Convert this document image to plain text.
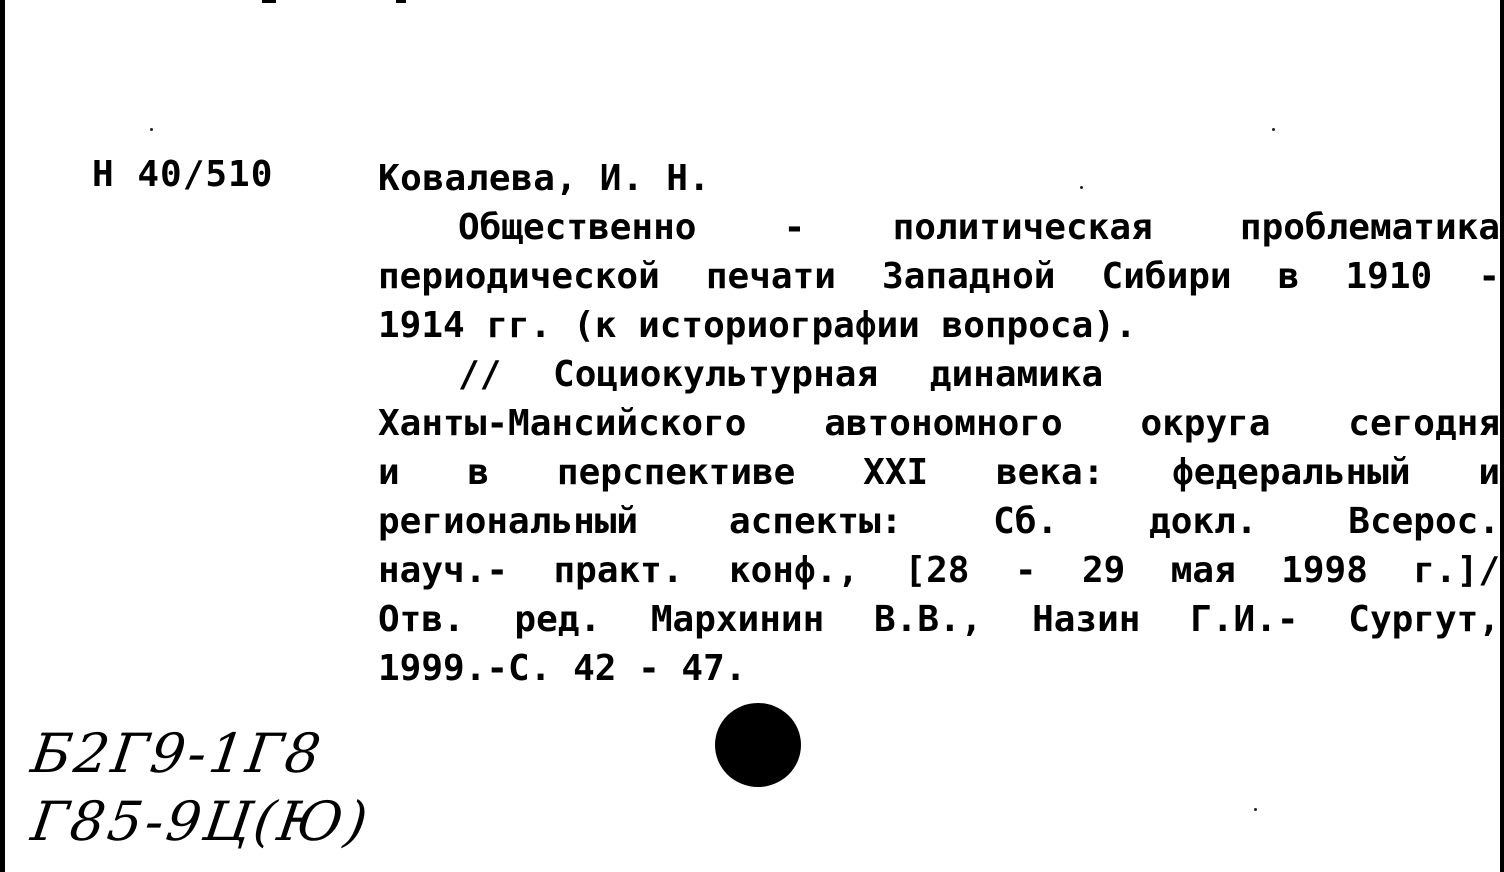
Н 40/510	Ковалева, И. Н.
Общественно - политическая проблематика
периодической печати Западной Сибири в 1910 -
1914 гг. (к историографии вопроса).
// Социокультурная динамика
Ханты-Мансийского автономного округа сегодня
и в перспективе XXI века: федеральный и
региональный аспекты: Сб. докл. Всерос.
науч.- практ. конф., [28 - 29 мая 1998 г.]/
Отв. ред. Мархинин В.В., Назин Г.И.- Сургут,
1999.-С. 42 - 47.
Б2Г9-1Г8
Г85-9Ц(Ю)
